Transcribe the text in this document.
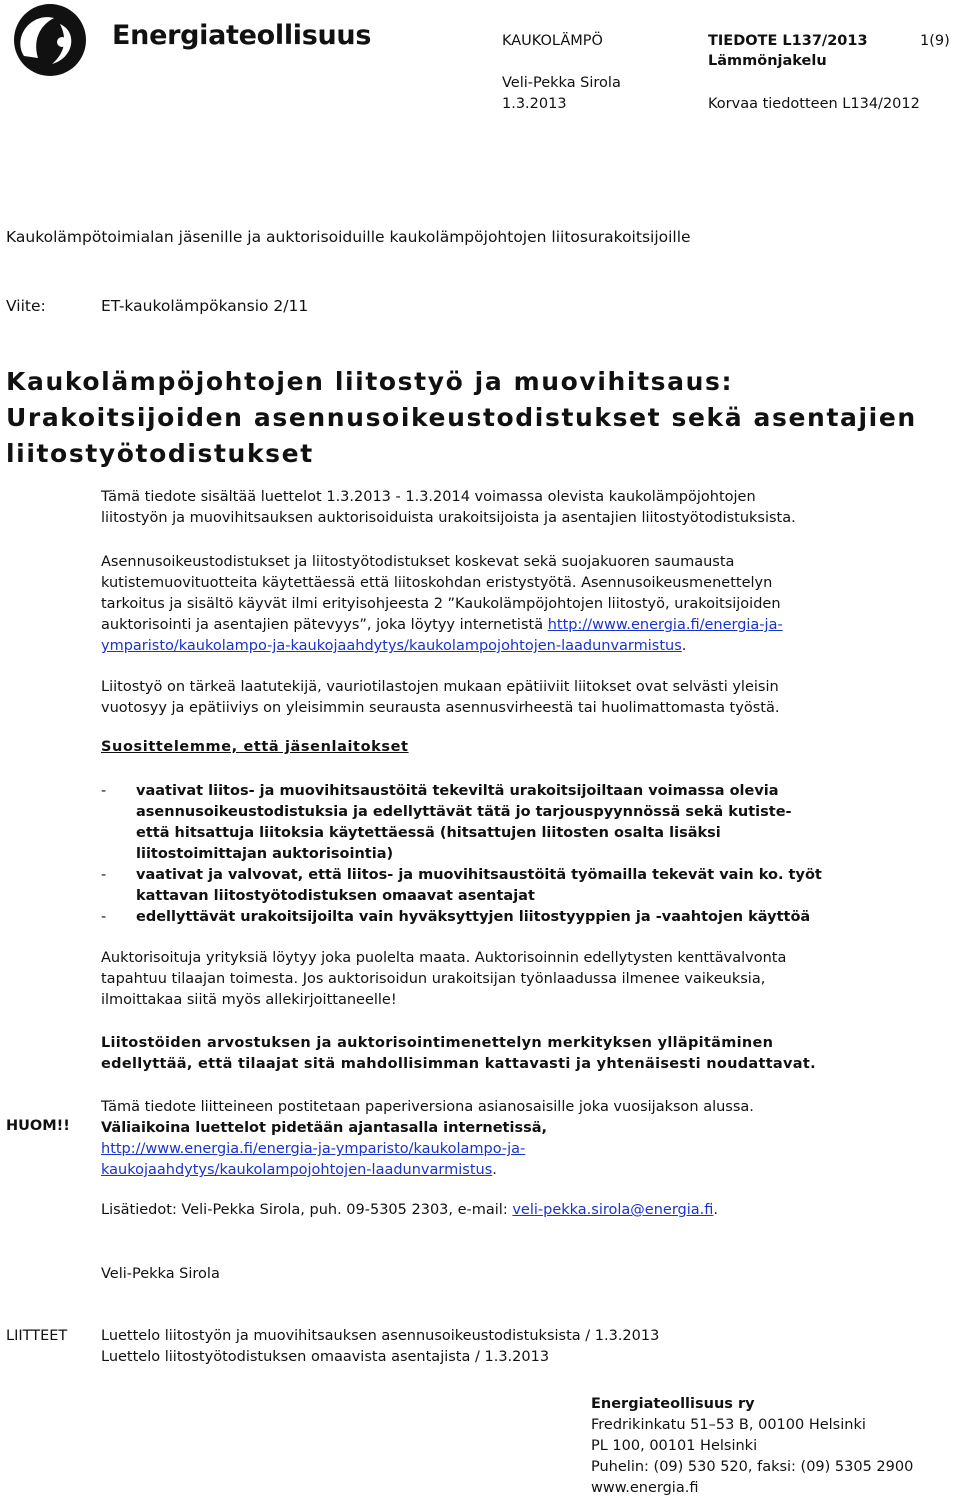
Energiateollisuus	KAUKOLÄMPÖ
Veli-Pekka Sirola
1.3.2013
TIEDOTE L137/2013
Lämmönjakelu
1(9)
Korvaa tiedotteen L134/2012
Kaukolämpötoimialan jäsenille ja auktorisoiduille kaukolämpöjohtojen liitosurakoitsijoille
Viite:	ET-kaukolämpökansio 2/11
Kaukolämpöjohtojen liitostyö ja muovihitsaus:
Urakoitsijoiden asennusoikeustodistukset sekä asentajien
liitostyötodistukset
Tämä tiedote sisältää luettelot 1.3.2013 - 1.3.2014 voimassa olevista kaukolämpöjohtojen
liitostyön ja muovihitsauksen auktorisoiduista urakoitsijoista ja asentajien liitostyötodistuksista.
Asennusoikeustodistukset ja liitostyötodistukset koskevat sekä suojakuoren saumausta
kutistemuovituotteita käytettäessä että liitoskohdan eristystyötä. Asennusoikeusmenettelyn
tarkoitus ja sisältö käyvät ilmi erityisohjeesta 2 ”Kaukolämpöjohtojen liitostyö, urakoitsijoiden
auktorisointi ja asentajien pätevyys”, joka löytyy internetistä http://www.energia.fi/energia-ja-
ymparisto/kaukolampo-ja-kaukojaahdytys/kaukolampojohtojen-laadunvarmistus.
Liitostyö on tärkeä laatutekijä, vauriotilastojen mukaan epätiiviit liitokset ovat selvästi yleisin
vuotosyy ja epätiiviys on yleisimmin seurausta asennusvirheestä tai huolimattomasta työstä.
Suosittelemme, että jäsenlaitokset
- vaativat liitos- ja muovihitsaustöitä tekeviltä urakoitsijoiltaan voimassa olevia
asennusoikeustodistuksia ja edellyttävät tätä jo tarjouspyynnössä sekä kutiste-
että hitsattuja liitoksia käytettäessä (hitsattujen liitosten osalta lisäksi
liitostoimittajan auktorisointia)
- vaativat ja valvovat, että liitos- ja muovihitsaustöitä työmailla tekevät vain ko. työt
kattavan liitostyötodistuksen omaavat asentajat
- edellyttävät urakoitsijoilta vain hyväksyttyjen liitostyyppien ja -vaahtojen käyttöä
Auktorisoituja yrityksiä löytyy joka puolelta maata. Auktorisoinnin edellytysten kenttävalvonta
tapahtuu tilaajan toimesta. Jos auktorisoidun urakoitsijan työnlaadussa ilmenee vaikeuksia,
ilmoittakaa siitä myös allekirjoittaneelle!
Liitostöiden arvostuksen ja auktorisointimenettelyn merkityksen ylläpitäminen
edellyttää, että tilaajat sitä mahdollisimman kattavasti ja yhtenäisesti noudattavat.
HUOM!!
Tämä tiedote liitteineen postitetaan paperiversiona asianosaisille joka vuosijakson alussa.
Väliaikoina luettelot pidetään ajantasalla internetissä,
http://www.energia.fi/energia-ja-ymparisto/kaukolampo-ja-
kaukojaahdytys/kaukolampojohtojen-laadunvarmistus.
Lisätiedot: Veli-Pekka Sirola, puh. 09-5305 2303, e-mail: veli-pekka.sirola@energia.fi.
Veli-Pekka Sirola
LIITTEET Luettelo liitostyön ja muovihitsauksen asennusoikeustodistuksista / 1.3.2013
Luettelo liitostyötodistuksen omaavista asentajista / 1.3.2013
Energiateollisuus ry
Fredrikinkatu 51–53 B, 00100 Helsinki
PL 100, 00101 Helsinki
Puhelin: (09) 530 520, faksi: (09) 5305 2900
www.energia.fi
